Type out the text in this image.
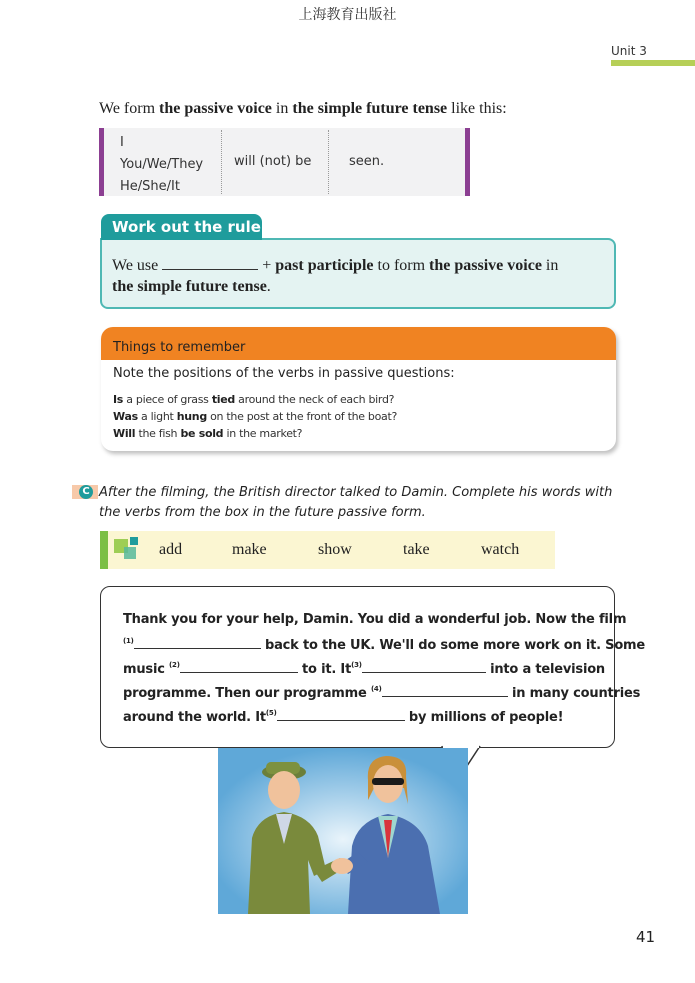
上海教育出版社
Unit 3
We form the passive voice in the simple future tense like this:
I
You/We/They
He/She/It
will (not) be	seen.
Work out the rule
We use	+ past participle to form the passive voice in
the simple future tense.
Things to remember
Note the positions of the verbs in passive questions:
Is a piece of grass tied around the neck of each bird?
Was a light hung on the post at the front of the boat?
Will the fish be sold in the market?
C After the filming, the British director talked to Damin. Complete his words with the verbs from the box in the future passive form.
add	make	show	take	watch
Thank you for your help, Damin. You did a wonderful job. Now the film
$^{(1)}$	back to the UK. We'll do some more work on it. Some
music $^{(2)}$	to it. It$^{(3)}$	into a television
programme. Then our programme $^{(4)}$	in many countries
around the world. It$^{(5)}$	by millions of people!
41
